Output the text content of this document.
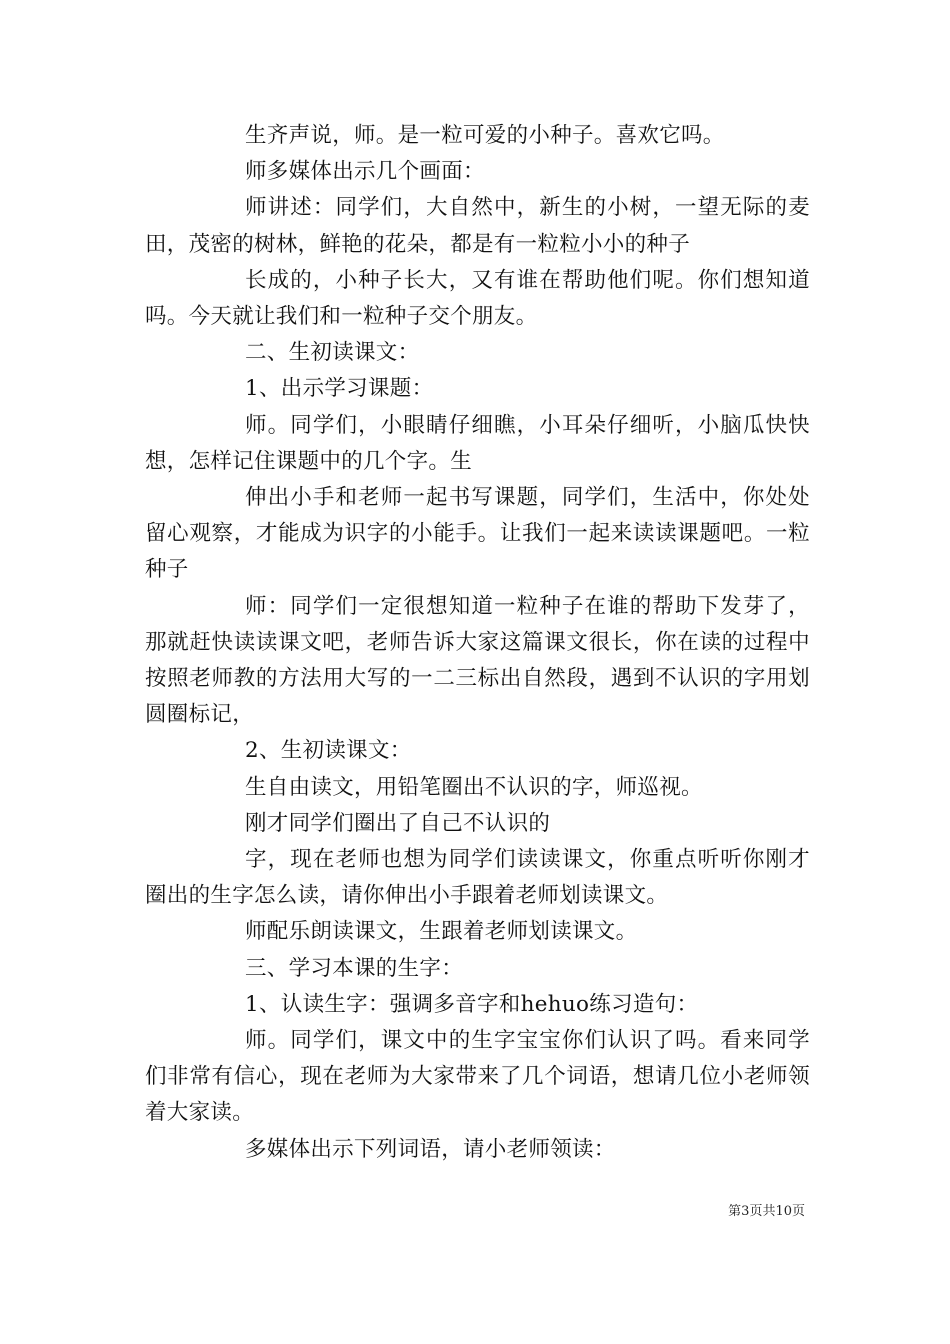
生齐声说，师。是一粒可爱的小种子。喜欢它吗。

师多媒体出示几个画面：

师讲述：同学们，大自然中，新生的小树，一望无际的麦田，茂密的树林，鲜艳的花朵，都是有一粒粒小小的种子

长成的，小种子长大，又有谁在帮助他们呢。你们想知道吗。今天就让我们和一粒种子交个朋友。

二、生初读课文：

1、出示学习课题：

师。同学们，小眼睛仔细瞧，小耳朵仔细听，小脑瓜快快想，怎样记住课题中的几个字。生

伸出小手和老师一起书写课题，同学们，生活中，你处处留心观察，才能成为识字的小能手。让我们一起来读读课题吧。一粒种子

师：同学们一定很想知道一粒种子在谁的帮助下发芽了，那就赶快读读课文吧，老师告诉大家这篇课文很长，你在读的过程中按照老师教的方法用大写的一二三标出自然段，遇到不认识的字用划圆圈标记，

2、生初读课文：

生自由读文，用铅笔圈出不认识的字，师巡视。

刚才同学们圈出了自己不认识的

字，现在老师也想为同学们读读课文，你重点听听你刚才圈出的生字怎么读，请你伸出小手跟着老师划读课文。

师配乐朗读课文，生跟着老师划读课文。

三、学习本课的生字：

1、认读生字：强调多音字和hehuo练习造句：

师。同学们，课文中的生字宝宝你们认识了吗。看来同学们非常有信心，现在老师为大家带来了几个词语，想请几位小老师领着大家读。

多媒体出示下列词语，请小老师领读：

第3页共10页
